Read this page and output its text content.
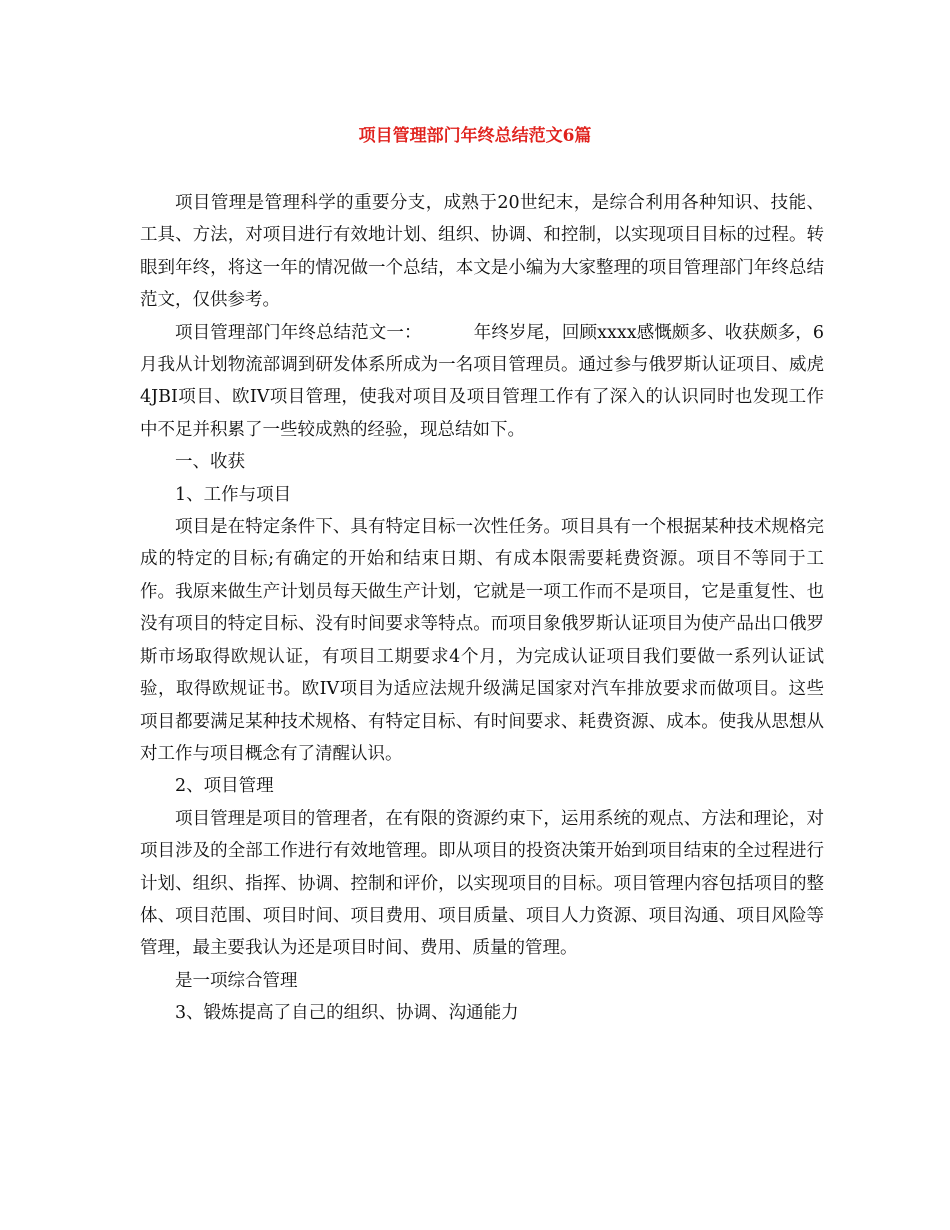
项目管理部门年终总结范文6篇

项目管理是管理科学的重要分支，成熟于20世纪末，是综合利用各种知识、技能、工具、方法，对项目进行有效地计划、组织、协调、和控制，以实现项目目标的过程。转眼到年终，将这一年的情况做一个总结，本文是小编为大家整理的项目管理部门年终总结范文，仅供参考。

项目管理部门年终总结范文一：	年终岁尾，回顾xxxx感慨颇多、收获颇多，6月我从计划物流部调到研发体系所成为一名项目管理员。通过参与俄罗斯认证项目、威虎4JBI项目、欧IV项目管理，使我对项目及项目管理工作有了深入的认识同时也发现工作中不足并积累了一些较成熟的经验，现总结如下。

一、收获

1、工作与项目

项目是在特定条件下、具有特定目标一次性任务。项目具有一个根据某种技术规格完成的特定的目标;有确定的开始和结束日期、有成本限需要耗费资源。项目不等同于工作。我原来做生产计划员每天做生产计划，它就是一项工作而不是项目，它是重复性、也没有项目的特定目标、没有时间要求等特点。而项目象俄罗斯认证项目为使产品出口俄罗斯市场取得欧规认证，有项目工期要求4个月，为完成认证项目我们要做一系列认证试验，取得欧规证书。欧IV项目为适应法规升级满足国家对汽车排放要求而做项目。这些项目都要满足某种技术规格、有特定目标、有时间要求、耗费资源、成本。使我从思想从对工作与项目概念有了清醒认识。

2、项目管理

项目管理是项目的管理者，在有限的资源约束下，运用系统的观点、方法和理论，对项目涉及的全部工作进行有效地管理。即从项目的投资决策开始到项目结束的全过程进行计划、组织、指挥、协调、控制和评价，以实现项目的目标。项目管理内容包括项目的整体、项目范围、项目时间、项目费用、项目质量、项目人力资源、项目沟通、项目风险等管理，最主要我认为还是项目时间、费用、质量的管理。

是一项综合管理

3、锻炼提高了自己的组织、协调、沟通能力
